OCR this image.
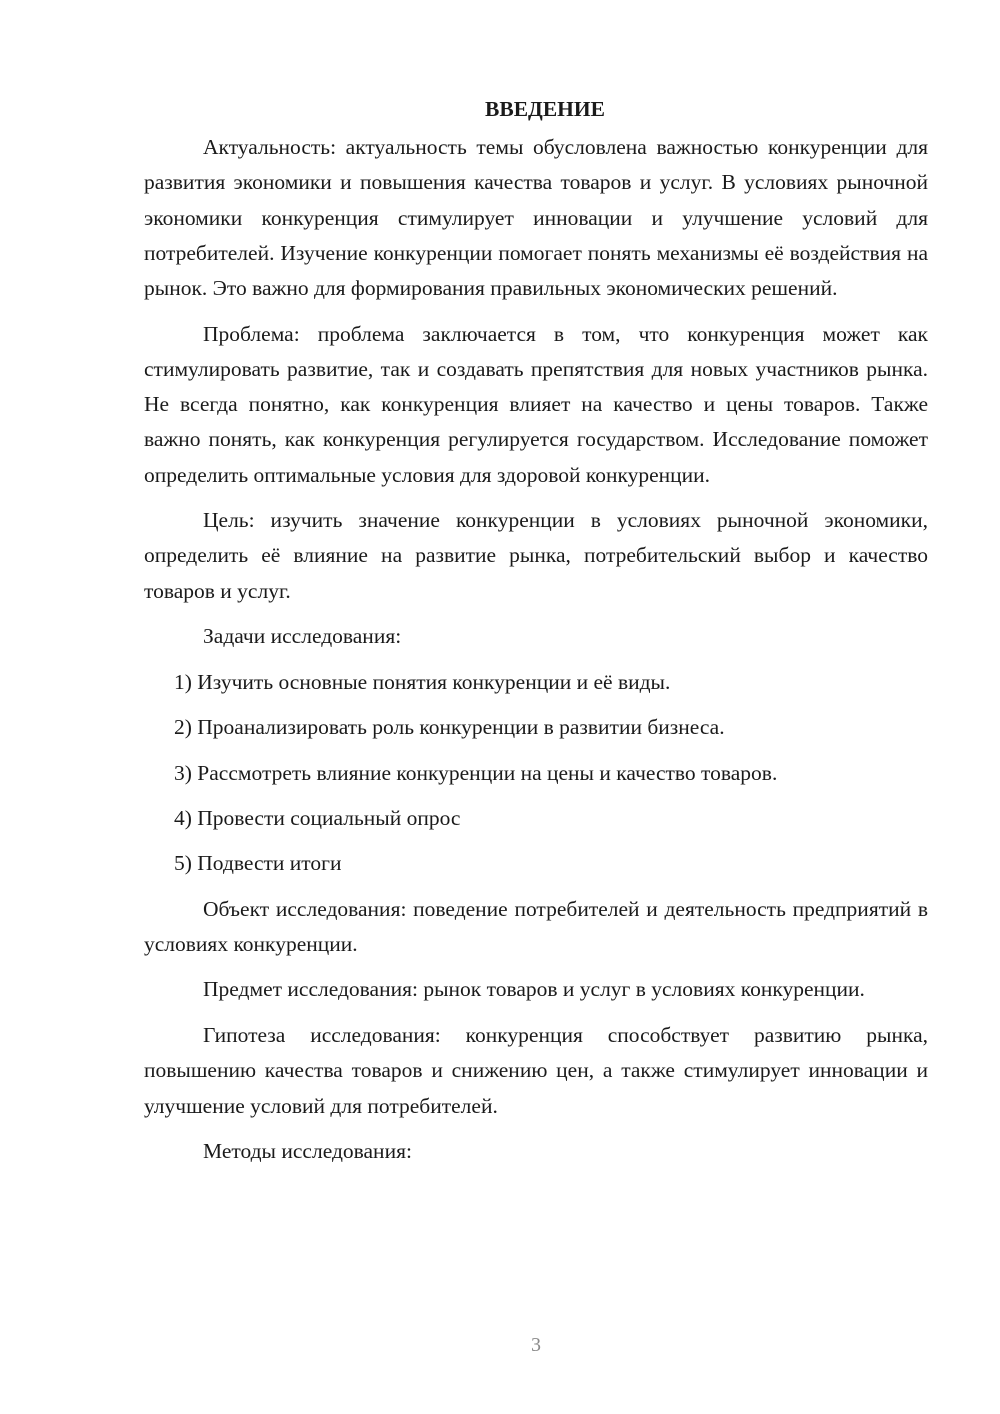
ВВЕДЕНИЕ

Актуальность: актуальность темы обусловлена важностью конкуренции для развития экономики и повышения качества товаров и услуг. В условиях рыночной экономики конкуренция стимулирует инновации и улучшение условий для потребителей. Изучение конкуренции помогает понять механизмы её воздействия на рынок. Это важно для формирования правильных экономических решений.

Проблема: проблема заключается в том, что конкуренция может как стимулировать развитие, так и создавать препятствия для новых участников рынка. Не всегда понятно, как конкуренция влияет на качество и цены товаров. Также важно понять, как конкуренция регулируется государством. Исследование поможет определить оптимальные условия для здоровой конкуренции.

Цель: изучить значение конкуренции в условиях рыночной экономики, определить её влияние на развитие рынка, потребительский выбор и качество товаров и услуг.

Задачи исследования:

1) Изучить основные понятия конкуренции и её виды.

2) Проанализировать роль конкуренции в развитии бизнеса.

3) Рассмотреть влияние конкуренции на цены и качество товаров.

4) Провести социальный опрос

5) Подвести итоги

Объект исследования: поведение потребителей и деятельность предприятий в условиях конкуренции.

Предмет исследования: рынок товаров и услуг в условиях конкуренции.

Гипотеза исследования: конкуренция способствует развитию рынка, повышению качества товаров и снижению цен, а также стимулирует инновации и улучшение условий для потребителей.

Методы исследования:

3
